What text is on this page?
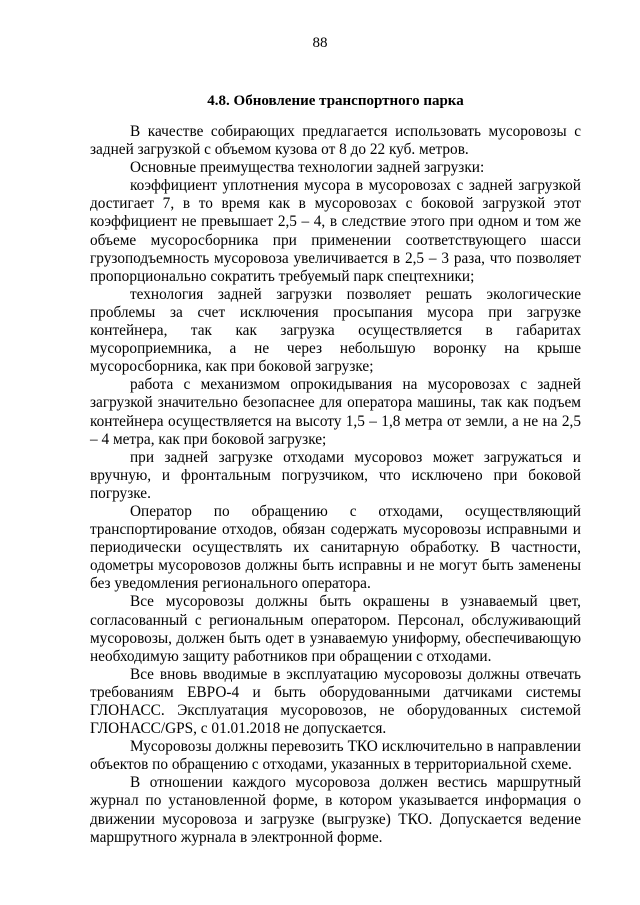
88
4.8. Обновление транспортного парка

В качестве собирающих предлагается использовать мусоровозы с задней загрузкой с объемом кузова от 8 до 22 куб. метров.

Основные преимущества технологии задней загрузки:

коэффициент уплотнения мусора в мусоровозах с задней загрузкой достигает 7, в то время как в мусоровозах с боковой загрузкой этот коэффициент не превышает 2,5 – 4, в следствие этого при одном и том же объеме мусоросборника при применении соответствующего шасси грузоподъемность мусоровоза увеличивается в 2,5 – 3 раза, что позволяет пропорционально сократить требуемый парк спецтехники;

технология задней загрузки позволяет решать экологические проблемы за счет исключения просыпания мусора при загрузке контейнера, так как загрузка осуществляется в габаритах мусороприемника, а не через небольшую воронку на крыше мусоросборника, как при боковой загрузке;

работа с механизмом опрокидывания на мусоровозах с задней загрузкой значительно безопаснее для оператора машины, так как подъем контейнера осуществляется на высоту 1,5 – 1,8 метра от земли, а не на 2,5 – 4 метра, как при боковой загрузке;

при задней загрузке отходами мусоровоз может загружаться и вручную, и фронтальным погрузчиком, что исключено при боковой погрузке.

Оператор по обращению с отходами, осуществляющий транспортирование отходов, обязан содержать мусоровозы исправными и периодически осуществлять их санитарную обработку. В частности, одометры мусоровозов должны быть исправны и не могут быть заменены без уведомления регионального оператора.

Все мусоровозы должны быть окрашены в узнаваемый цвет, согласованный с региональным оператором. Персонал, обслуживающий мусоровозы, должен быть одет в узнаваемую униформу, обеспечивающую необходимую защиту работников при обращении с отходами.

Все вновь вводимые в эксплуатацию мусоровозы должны отвечать требованиям ЕВРО-4 и быть оборудованными датчиками системы ГЛОНАСС. Эксплуатация мусоровозов, не оборудованных системой ГЛОНАСС/GPS, с 01.01.2018 не допускается.

Мусоровозы должны перевозить ТКО исключительно в направлении объектов по обращению с отходами, указанных в территориальной схеме.

В отношении каждого мусоровоза должен вестись маршрутный журнал по установленной форме, в котором указывается информация о движении мусоровоза и загрузке (выгрузке) ТКО. Допускается ведение маршрутного журнала в электронной форме.
